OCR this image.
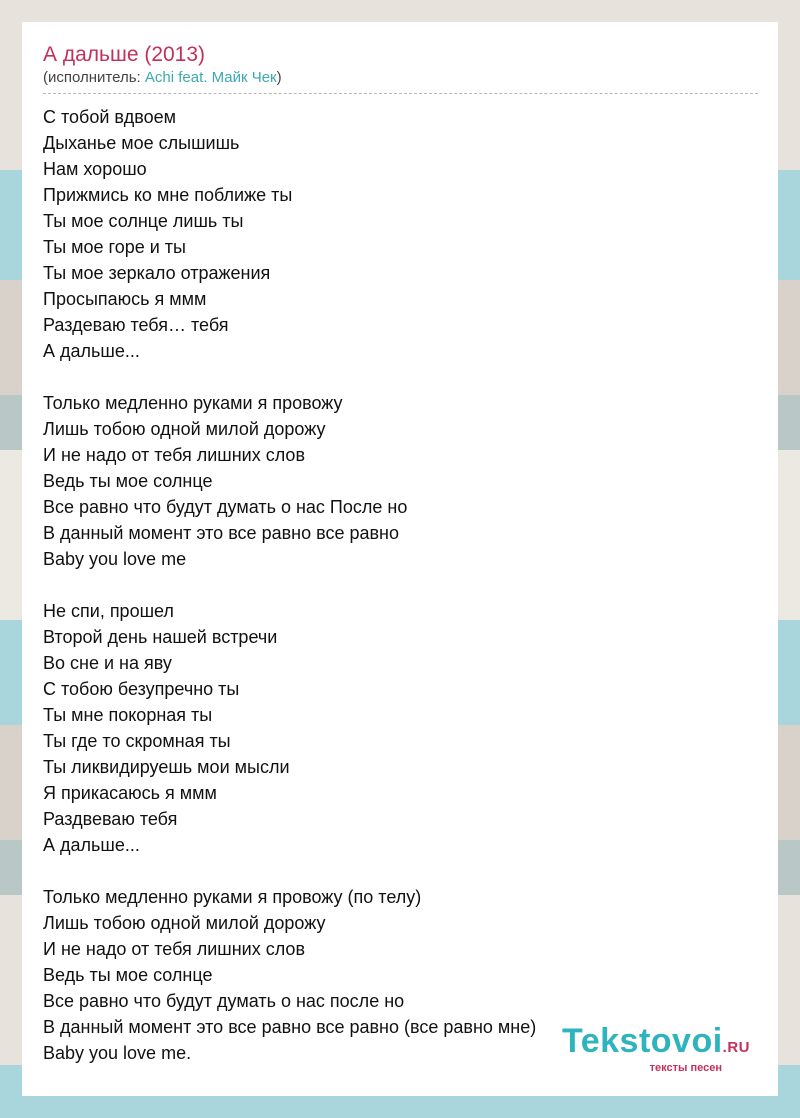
А дальше (2013)
(исполнитель: Achi feat. Майк Чек)
С тобой вдвоем
Дыханье мое слышишь
Нам хорошо
Прижмись ко мне поближе ты
Ты мое солнце лишь ты
Ты мое горе и ты
Ты мое зеркало отражения
Просыпаюсь я ммм
Раздеваю тебя… тебя
А дальше...
Только медленно руками я провожу
Лишь тобою одной милой дорожу
И не надо от тебя лишних слов
Ведь ты мое солнце
Все равно что будут думать о нас После но
В данный момент это все равно все равно
Baby you love me
Не спи, прошел
Второй день нашей встречи
Во сне и на яву
С тобою безупречно ты
Ты мне покорная ты
Ты где то скромная ты
Ты ликвидируешь мои мысли
Я прикасаюсь я ммм
Раздвеваю тебя
А дальше...
Только медленно руками я провожу (по телу)
Лишь тобою одной милой дорожу
И не надо от тебя лишних слов
Ведь ты мое солнце
Все равно что будут думать о нас после но
В данный момент это все равно все равно (все равно мне)
Baby you love me.	Tekstovoi.RU
тексты песен
